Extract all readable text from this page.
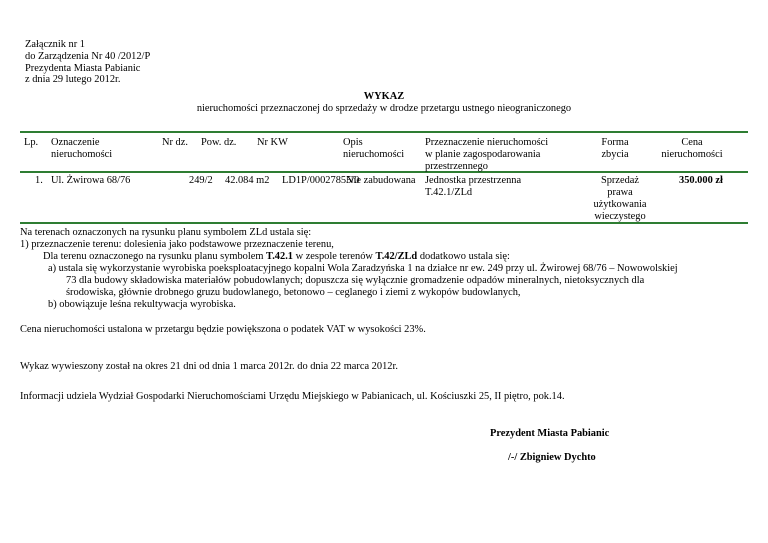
Załącznik nr 1
do Zarządzenia Nr 40 /2012/P
Prezydenta Miasta Pabianic
z dnia 29 lutego 2012r.
WYKAZ
nieruchomości przeznaczonej do sprzedaży w drodze przetargu ustnego nieograniczonego
Lp. Oznaczenie
nieruchomości
Nr dz. Pow. dz. Nr KW	Opis
nieruchomości
Przeznaczenie nieruchomości
w planie zagospodarowania
przestrzennego
Forma
zbycia
Cena
nieruchomości
1. Ul. Żwirowa 68/76	249/2 42.084 m2 LD1P/00027855/0
Nie zabudowana Jednostka przestrzenna
T.42.1/ZLd
Sprzedaż
prawa
użytkowania
wieczystego
350.000 zł
Na terenach oznaczonych na rysunku planu symbolem ZLd ustala się:
1) przeznaczenie terenu: dolesienia jako podstawowe przeznaczenie terenu,
Dla terenu oznaczonego na rysunku planu symbolem T.42.1 w zespole terenów T.42/ZLd dodatkowo ustala się:
a) ustala się wykorzystanie wyrobiska poeksploatacyjnego kopalni Wola Zaradzyńska 1 na działce nr ew. 249 przy ul. Żwirowej 68/76 – Nowowolskiej
73 dla budowy składowiska materiałów pobudowlanych; dopuszcza się wyłącznie gromadzenie odpadów mineralnych, nietoksycznych dla
środowiska, głównie drobnego gruzu budowlanego, betonowo – ceglanego i ziemi z wykopów budowlanych,
b) obowiązuje leśna rekultywacja wyrobiska.
Cena nieruchomości ustalona w przetargu będzie powiększona o podatek VAT w wysokości 23%.
Wykaz wywieszony został na okres 21 dni od dnia 1 marca 2012r. do dnia 22 marca 2012r.
Informacji udziela Wydział Gospodarki Nieruchomościami Urzędu Miejskiego w Pabianicach, ul. Kościuszki 25, II piętro, pok.14.
Prezydent Miasta Pabianic
/-/ Zbigniew Dychto
